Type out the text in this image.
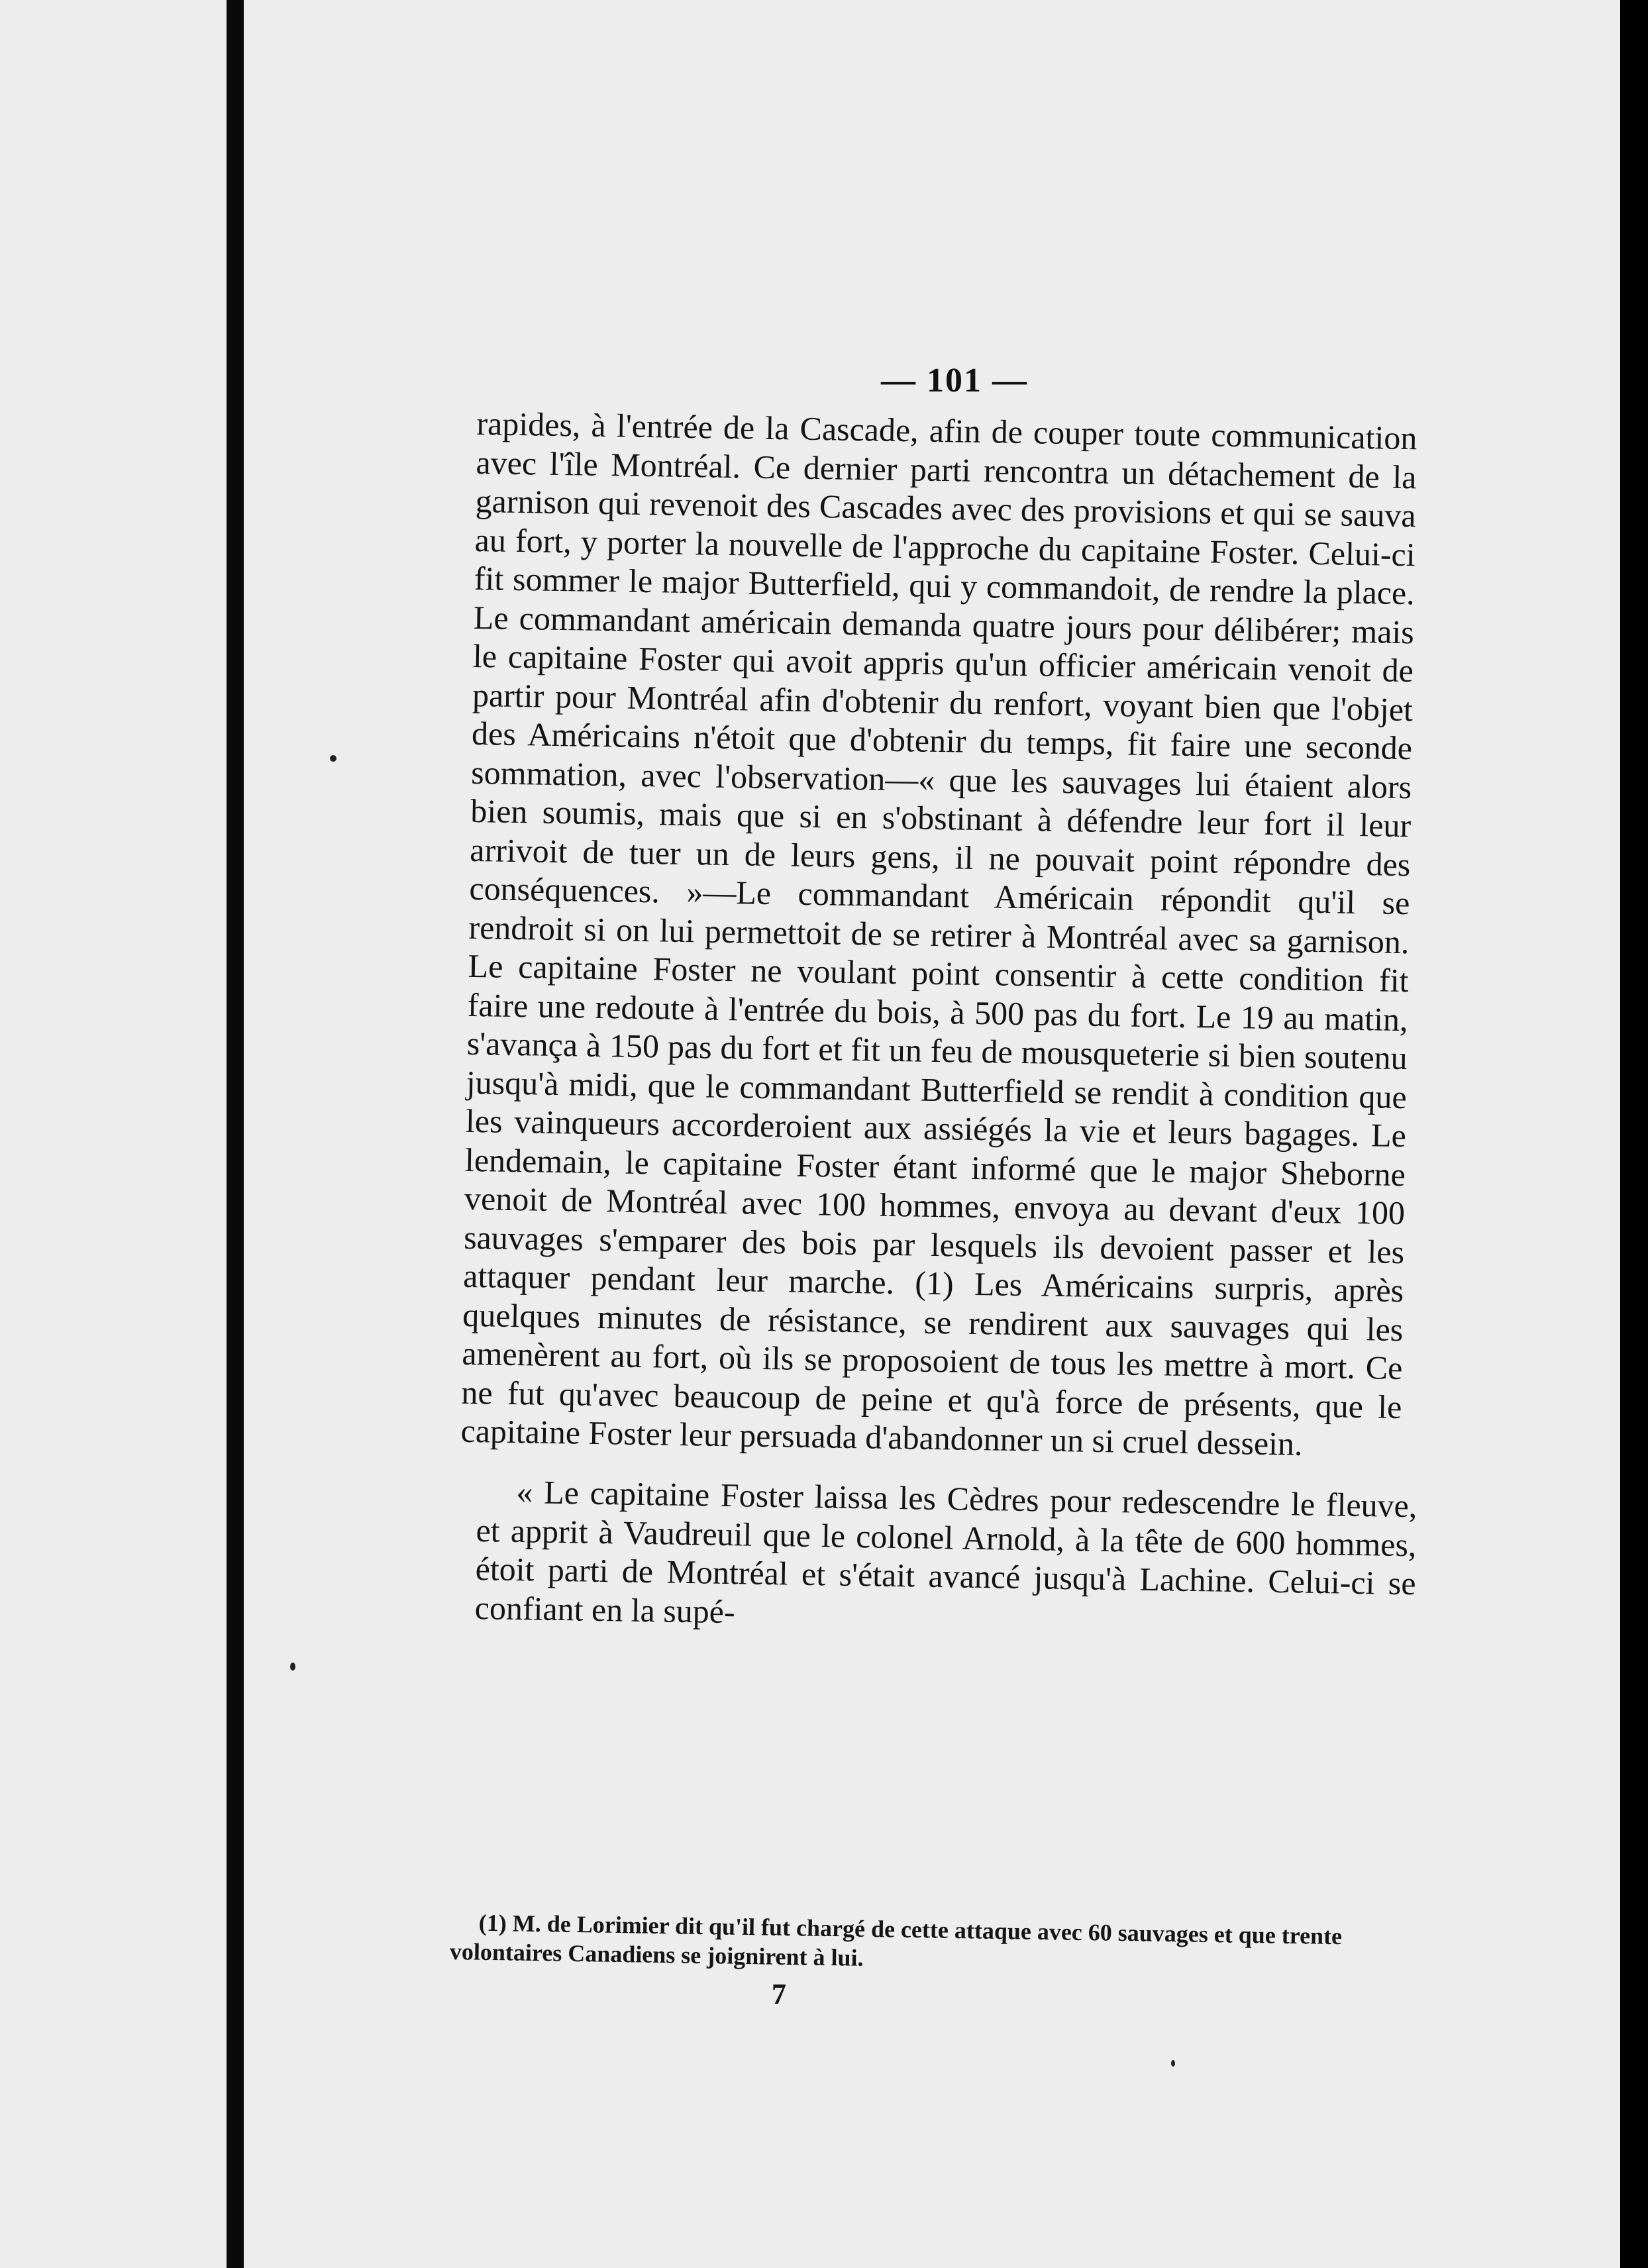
— 101 —

rapides, à l'entrée de la Cascade, afin de couper toute communication avec l'île Montréal. Ce dernier parti rencontra un détachement de la garnison qui revenoit des Cascades avec des provisions et qui se sauva au fort, y porter la nouvelle de l'approche du capitaine Foster. Celui-ci fit sommer le major Butterfield, qui y commandoit, de rendre la place. Le commandant américain demanda quatre jours pour délibérer; mais le capitaine Foster qui avoit appris qu'un officier américain venoit de partir pour Montréal afin d'obtenir du renfort, voyant bien que l'objet des Américains n'étoit que d'obtenir du temps, fit faire une seconde sommation, avec l'observation—« que les sauvages lui étaient alors bien soumis, mais que si en s'obstinant à défendre leur fort il leur arrivoit de tuer un de leurs gens, il ne pouvait point répondre des conséquences. »—Le commandant Américain répondit qu'il se rendroit si on lui permettoit de se retirer à Montréal avec sa garnison. Le capitaine Foster ne voulant point consentir à cette condition fit faire une redoute à l'entrée du bois, à 500 pas du fort. Le 19 au matin, s'avança à 150 pas du fort et fit un feu de mousqueterie si bien soutenu jusqu'à midi, que le commandant Butterfield se rendit à condition que les vainqueurs accorderoient aux assiégés la vie et leurs bagages. Le lendemain, le capitaine Foster étant informé que le major Sheborne venoit de Montréal avec 100 hommes, envoya au devant d'eux 100 sauvages s'emparer des bois par lesquels ils devoient passer et les attaquer pendant leur marche. (1) Les Américains surpris, après quelques minutes de résistance, se rendirent aux sauvages qui les amenèrent au fort, où ils se proposoient de tous les mettre à mort. Ce ne fut qu'avec beaucoup de peine et qu'à force de présents, que le capitaine Foster leur persuada d'abandonner un si cruel dessein.

« Le capitaine Foster laissa les Cèdres pour redescendre le fleuve, et apprit à Vaudreuil que le colonel Arnold, à la tête de 600 hommes, étoit parti de Montréal et s'était avancé jusqu'à Lachine. Celui-ci se confiant en la supé-

(1) M. de Lorimier dit qu'il fut chargé de cette attaque avec 60 sauvages et que trente volontaires Canadiens se joignirent à lui.

7
